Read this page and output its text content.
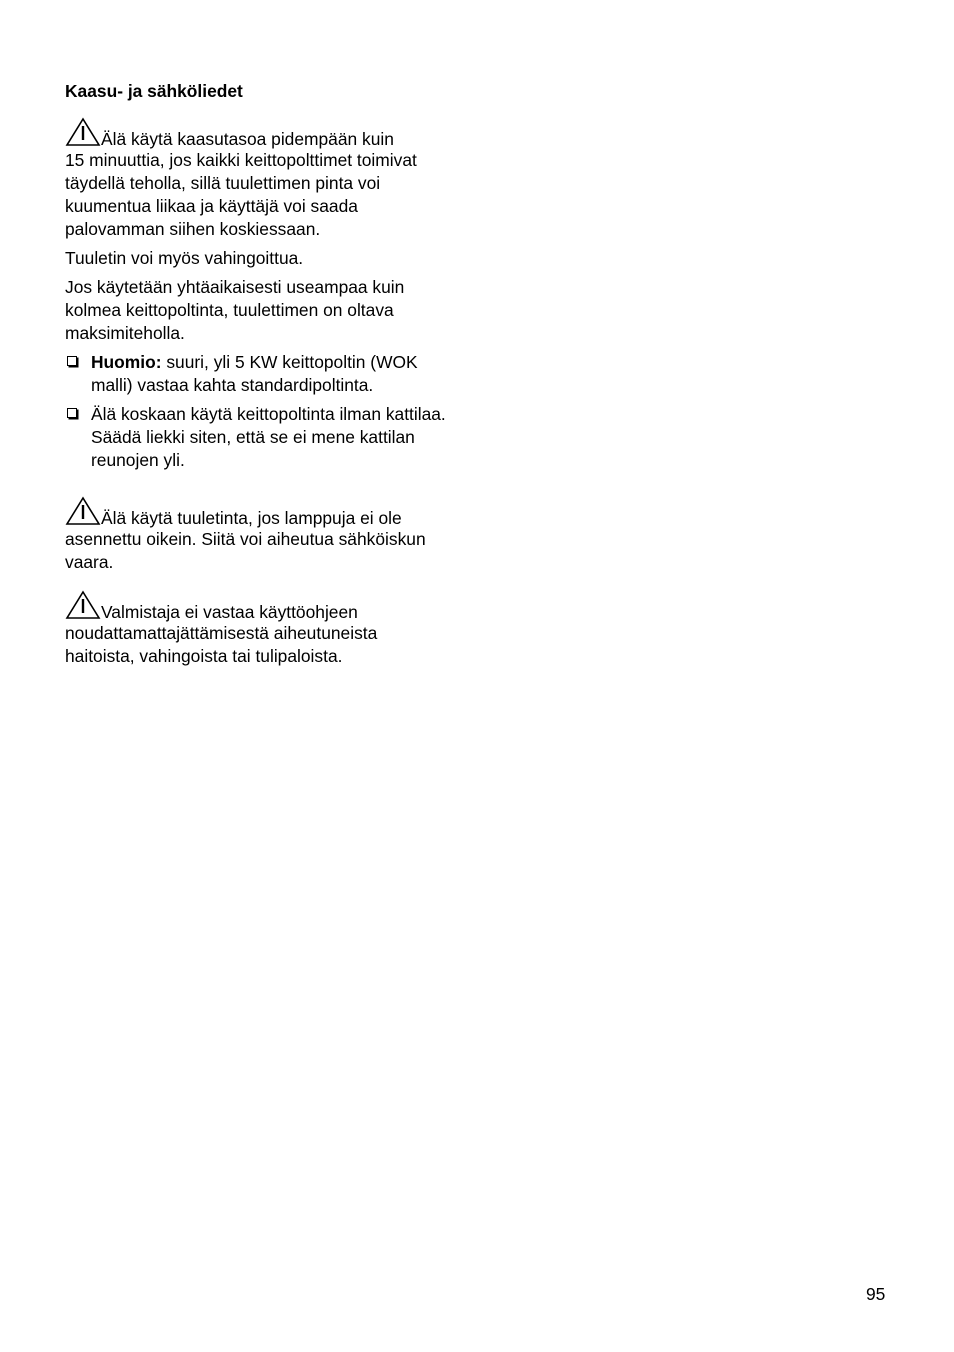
Kaasu- ja sähköliedet
Älä käytä kaasutasoa pidempään kuin
15 minuuttia, jos kaikki keittopolttimet toimivat täydellä teholla, sillä tuulettimen pinta voi kuumentua liikaa ja käyttäjä voi saada palovamman siihen koskiessaan.

Tuuletin voi myös vahingoittua.

Jos käytetään yhtäaikaisesti useampaa kuin kolmea keittopoltinta, tuulettimen on oltava maksimiteholla.

Huomio: suuri, yli 5 KW keittopoltin (WOK malli) vastaa kahta standardipoltinta.
Älä koskaan käytä keittopoltinta ilman kattilaa. Säädä liekki siten, että se ei mene kattilan reunojen yli.
Älä käytä tuuletinta, jos lamppuja ei ole
asennettu oikein. Siitä voi aiheutua sähköiskun vaara.
Valmistaja ei vastaa käyttöohjeen
noudattamattajättämisestä aiheutuneista haitoista, vahingoista tai tulipaloista.
95
